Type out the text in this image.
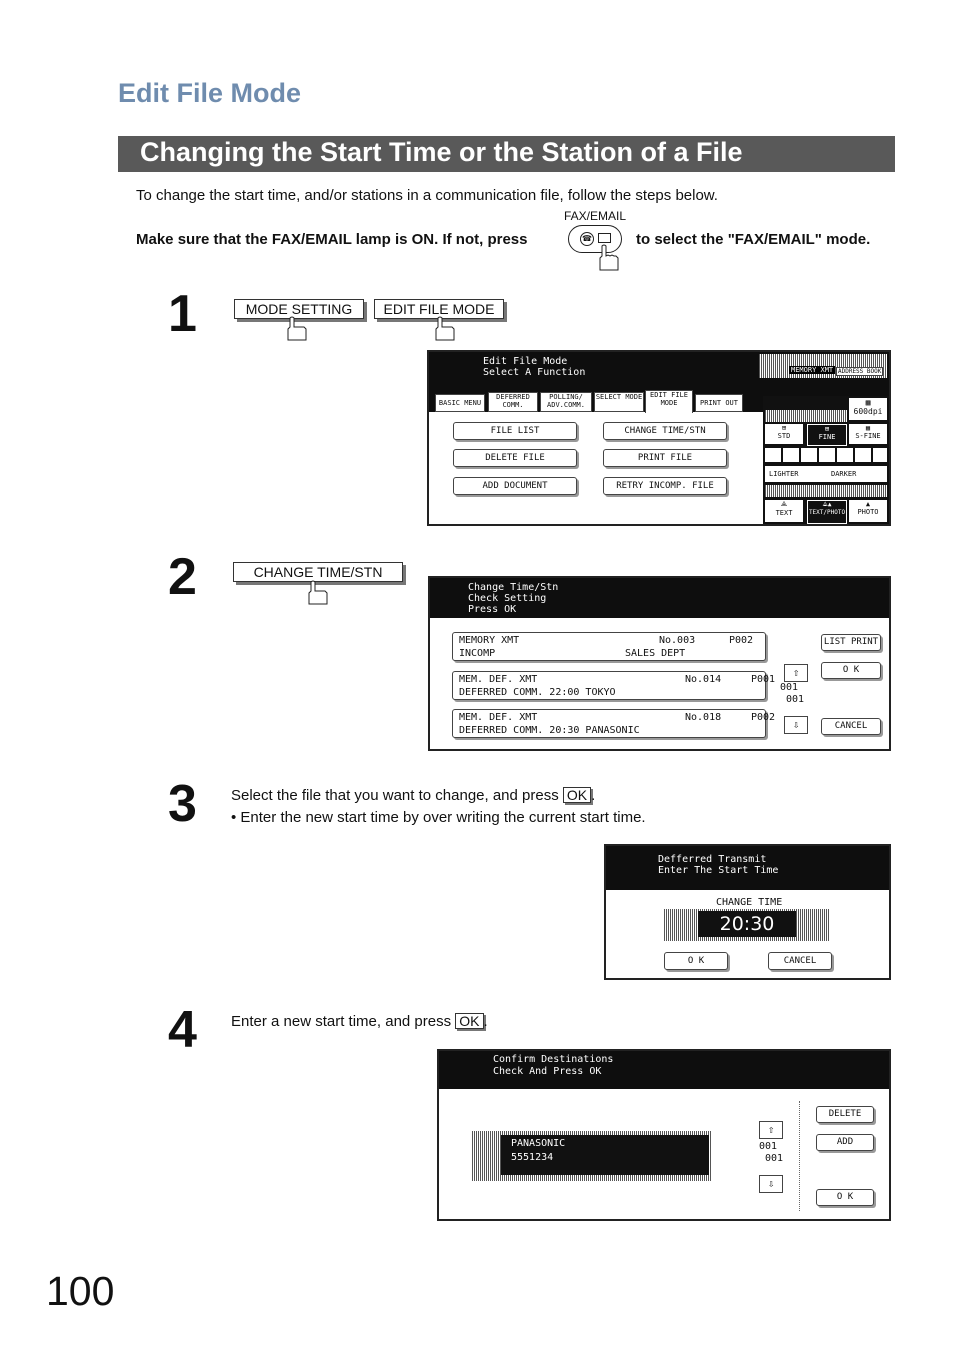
Edit File Mode
Changing the Start Time or the Station of a File
To change the start time, and/or stations in a communication file, follow the steps below.
FAX/EMAIL
Make sure that the FAX/EMAIL lamp is ON. If not, press	☎	to select the "FAX/EMAIL" mode.
1	MODE SETTING	EDIT FILE MODE
Edit File Mode
Select A Function	MEMORY XMT ADDRESS BOOK
BASIC MENU
DEFERRED COMM.
POLLING/ ADV.COMM.
SELECT MODE	EDIT FILE MODE	PRINT OUT
FILE LIST	CHANGE TIME/STN
DELETE FILE	PRINT FILE
ADD DOCUMENT	RETRY INCOMP. FILE
▩
600dpi
⊞
STD
⊞
FINE
▦
S-FINE
LIGHTER	DARKER
⟁
TEXT
⟁▲
TEXT/PHOTO
▲
PHOTO
2	CHANGE TIME/STN
Change Time/Stn
Check Setting
Press OK
MEMORY XMT	No.003	P002
INCOMP	SALES DEPT
MEM. DEF. XMT	No.014	P001
DEFERRED COMM. 22:00 TOKYO
MEM. DEF. XMT	No.018	P002
DEFERRED COMM. 20:30 PANASONIC
⇧
001
001
⇩
LIST PRINT
O K
CANCEL
3 Select the file that you want to change, and press OK .
• Enter the new start time by over writing the current start time.
Defferred Transmit
Enter The Start Time
CHANGE TIME
20:30
O K	CANCEL
4 Enter a new start time, and press OK .
Confirm Destinations
Check And Press OK
PANASONIC
5551234
⇧
001
001
⇩
DELETE
ADD
O K
100
